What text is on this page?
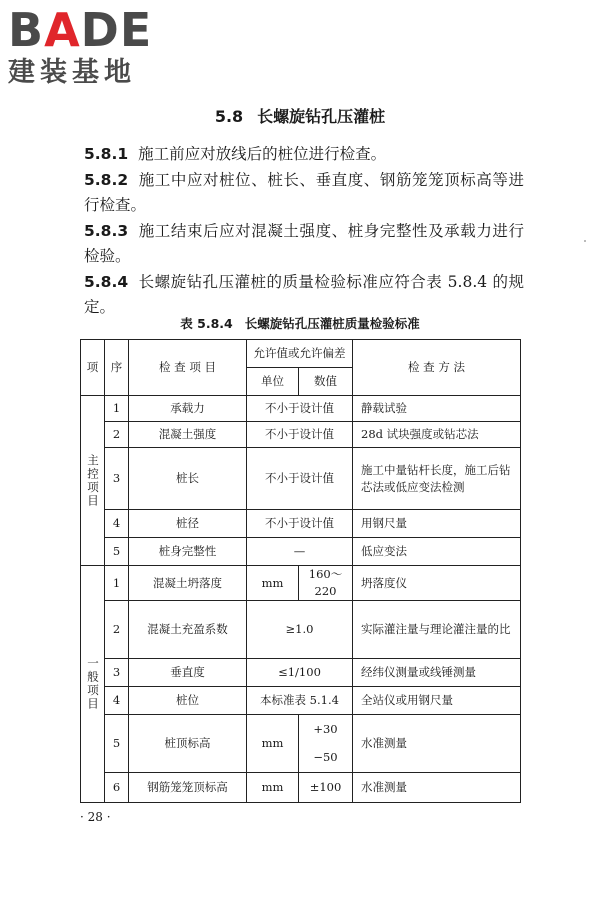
BADE
建装基地
5.8 长螺旋钻孔压灌桩

5.8.1 施工前应对放线后的桩位进行检查。

5.8.2 施工中应对桩位、桩长、垂直度、钢筋笼笼顶标高等进行检查。

5.8.3 施工结束后应对混凝土强度、桩身完整性及承载力进行检验。

5.8.4 长螺旋钻孔压灌桩的质量检验标准应符合表 5.8.4 的规定。

表 5.8.4 长螺旋钻孔压灌桩质量检验标准
项	序	检 查 项 目	允许值或允许偏差		检 查 方 法
			单位	数值	

主控项目	1	承载力	不小于设计值		静载试验
	2	混凝土强度	不小于设计值		28d 试块强度或钻芯法
	3	桩长	不小于设计值		施工中量钻杆长度，施工后钻芯法或低应变法检测
	4	桩径	不小于设计值		用钢尺量
	5	桩身完整性	—		低应变法

一般项目	1	混凝土坍落度	mm	160～220	坍落度仪
	2	混凝土充盈系数	≥1.0		实际灌注量与理论灌注量的比
	3	垂直度	≤1/100		经纬仪测量或线锤测量
	4	桩位	本标准表 5.1.4		全站仪或用钢尺量
	5	桩顶标高	mm	+30	水准测量
				−50	
	6	钢筋笼笼顶标高	mm	±100	水准测量
· 28 ·
